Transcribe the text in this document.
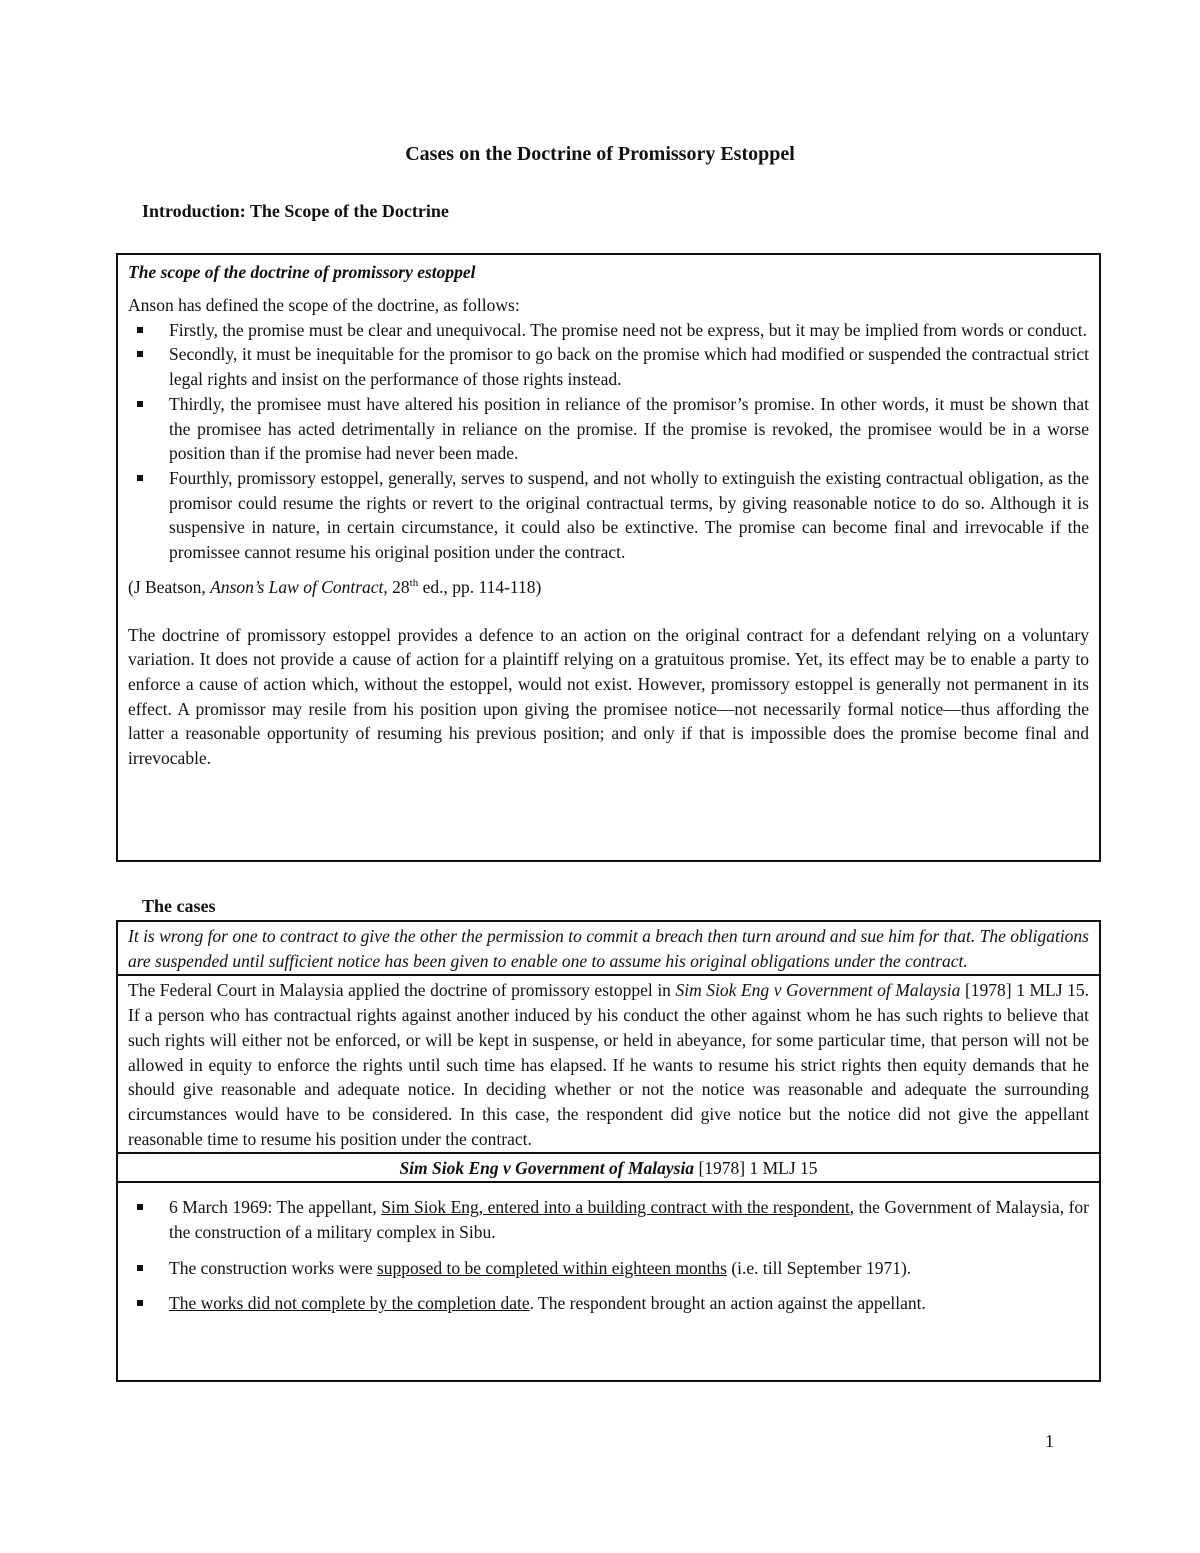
Cases on the Doctrine of Promissory Estoppel
Introduction: The Scope of the Doctrine
The scope of the doctrine of promissory estoppel
Anson has defined the scope of the doctrine, as follows:
Firstly, the promise must be clear and unequivocal. The promise need not be express, but it may be implied from words or conduct.
Secondly, it must be inequitable for the promisor to go back on the promise which had modified or suspended the contractual strict legal rights and insist on the performance of those rights instead.
Thirdly, the promisee must have altered his position in reliance of the promisor’s promise. In other words, it must be shown that the promisee has acted detrimentally in reliance on the promise. If the promise is revoked, the promisee would be in a worse position than if the promise had never been made.
Fourthly, promissory estoppel, generally, serves to suspend, and not wholly to extinguish the existing contractual obligation, as the promisor could resume the rights or revert to the original contractual terms, by giving reasonable notice to do so. Although it is suspensive in nature, in certain circumstance, it could also be extinctive. The promise can become final and irrevocable if the promissee cannot resume his original position under the contract.
(J Beatson, Anson’s Law of Contract, 28th ed., pp. 114-118)
The doctrine of promissory estoppel provides a defence to an action on the original contract for a defendant relying on a voluntary variation. It does not provide a cause of action for a plaintiff relying on a gratuitous promise. Yet, its effect may be to enable a party to enforce a cause of action which, without the estoppel, would not exist. However, promissory estoppel is generally not permanent in its effect. A promissor may resile from his position upon giving the promisee notice—not necessarily formal notice—thus affording the latter a reasonable opportunity of resuming his previous position; and only if that is impossible does the promise become final and irrevocable.
The cases
It is wrong for one to contract to give the other the permission to commit a breach then turn around and sue him for that. The obligations are suspended until sufficient notice has been given to enable one to assume his original obligations under the contract.
The Federal Court in Malaysia applied the doctrine of promissory estoppel in Sim Siok Eng v Government of Malaysia [1978] 1 MLJ 15. If a person who has contractual rights against another induced by his conduct the other against whom he has such rights to believe that such rights will either not be enforced, or will be kept in suspense, or held in abeyance, for some particular time, that person will not be allowed in equity to enforce the rights until such time has elapsed. If he wants to resume his strict rights then equity demands that he should give reasonable and adequate notice. In deciding whether or not the notice was reasonable and adequate the surrounding circumstances would have to be considered. In this case, the respondent did give notice but the notice did not give the appellant reasonable time to resume his position under the contract.
Sim Siok Eng v Government of Malaysia [1978] 1 MLJ 15
6 March 1969: The appellant, Sim Siok Eng, entered into a building contract with the respondent, the Government of Malaysia, for the construction of a military complex in Sibu.
The construction works were supposed to be completed within eighteen months (i.e. till September 1971).
The works did not complete by the completion date. The respondent brought an action against the appellant.
1
